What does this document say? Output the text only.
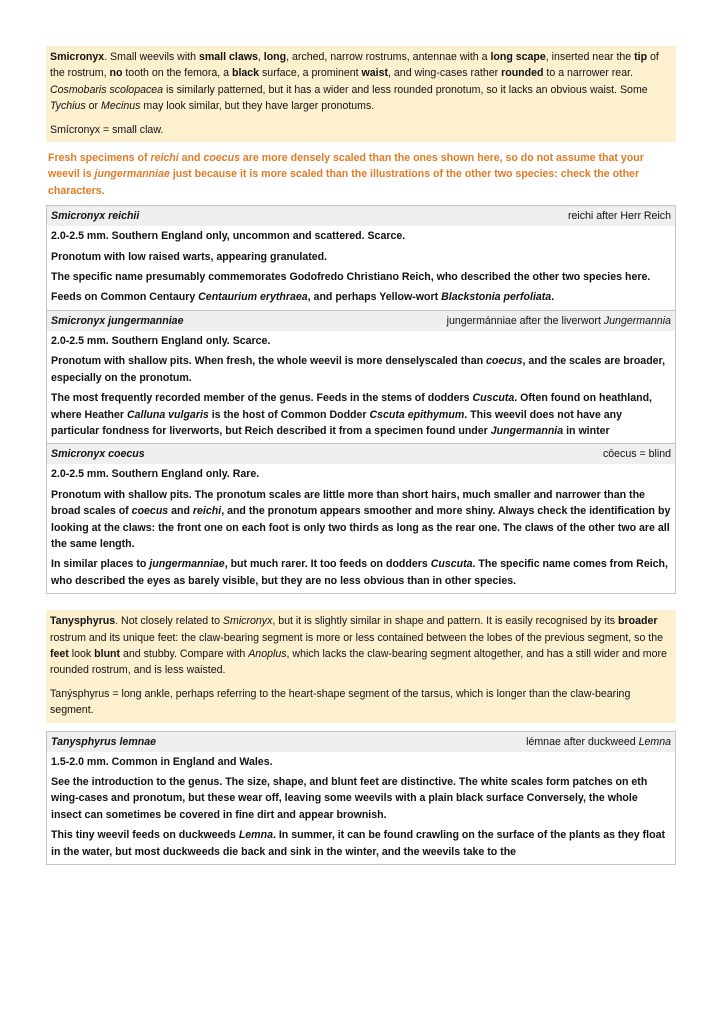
Smicronyx. Small weevils with small claws, long, arched, narrow rostrums, antennae with a long scape, inserted near the tip of the rostrum, no tooth on the femora, a black surface, a prominent waist, and wing-cases rather rounded to a narrower rear. Cosmobaris scolopacea is similarly patterned, but it has a wider and less rounded pronotum, so it lacks an obvious waist. Some Tychius or Mecinus may look similar, but they have larger pronotums.

Smícronyx = small claw.

Fresh specimens of reichi and coecus are more densely scaled than the ones shown here, so do not assume that your weevil is jungermanniae just because it is more scaled than the illustrations of the other two species: check the other characters.
Smicronyx reichii	reichi after Herr Reich

2.0-2.5 mm. Southern England only, uncommon and scattered. Scarce.

Pronotum with low raised warts, appearing granulated.

The specific name presumably commemorates Godofredo Christiano Reich, who described the other two species here.

Feeds on Common Centaury Centaurium erythraea, and perhaps Yellow-wort Blackstonia perfoliata.

Smicronyx jungermanniae	jungermánniae after the liverwort Jungermannia

2.0-2.5 mm. Southern England only. Scarce.

Pronotum with shallow pits. When fresh, the whole weevil is more denselyscaled than coecus, and the scales are broader, especially on the pronotum.

The most frequently recorded member of the genus. Feeds in the stems of dodders Cuscuta. Often found on heathland, where Heather Calluna vulgaris is the host of Common Dodder Cscuta epithymum. This weevil does not have any particular fondness for liverworts, but Reich described it from a specimen found under Jungermannia in winter

Smicronyx coecus	cōecus = blind

2.0-2.5 mm. Southern England only. Rare.

Pronotum with shallow pits. The pronotum scales are little more than short hairs, much smaller and narrower than the broad scales of coecus and reichi, and the pronotum appears smoother and more shiny. Always check the identification by looking at the claws: the front one on each foot is only two thirds as long as the rear one. The claws of the other two are all the same length.

In similar places to jungermanniae, but much rarer. It too feeds on dodders Cuscuta. The specific name comes from Reich, who described the eyes as barely visible, but they are no less obvious than in other species.

Tanysphyrus. Not closely related to Smicronyx, but it is slightly similar in shape and pattern. It is easily recognised by its broader rostrum and its unique feet: the claw-bearing segment is more or less contained between the lobes of the previous segment, so the feet look blunt and stubby. Compare with Anoplus, which lacks the claw-bearing segment altogether, and has a still wider and more rounded rostrum, and is less waisted.

Tanýsphyrus = long ankle, perhaps referring to the heart-shape segment of the tarsus, which is longer than the claw-bearing segment.

Tanysphyrus lemnae	lémnae after duckweed Lemna

1.5-2.0 mm. Common in England and Wales.

See the introduction to the genus. The size, shape, and blunt feet are distinctive. The white scales form patches on eth wing-cases and pronotum, but these wear off, leaving some weevils with a plain black surface Conversely, the whole insect can sometimes be covered in fine dirt and appear brownish.

This tiny weevil feeds on duckweeds Lemna. In summer, it can be found crawling on the surface of the plants as they float in the water, but most duckweeds die back and sink in the winter, and the weevils take to the
